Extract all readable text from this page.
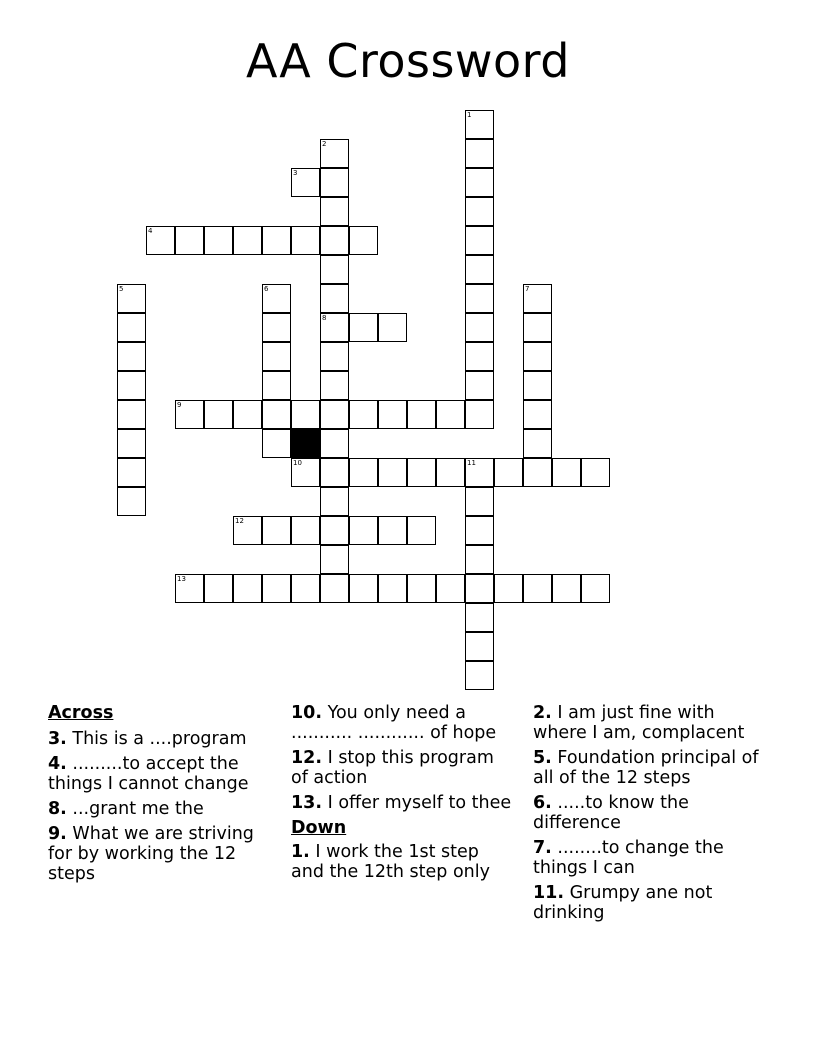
AA Crossword
1
2
3
4
5	6	7
8
9
10	11
12
13
Across
3. This is a ....program
4. .........to accept the things I cannot change
8. ...grant me the
9. What we are striving for by working the 12 steps
10. You only need a ........... ............ of hope
12. I stop this program of action
13. I offer myself to thee
Down
1. I work the 1st step and the 12th step only
2. I am just fine with where I am, complacent
5. Foundation principal of all of the 12 steps
6. .....to know the difference
7. ........to change the things I can
11. Grumpy ane not drinking
